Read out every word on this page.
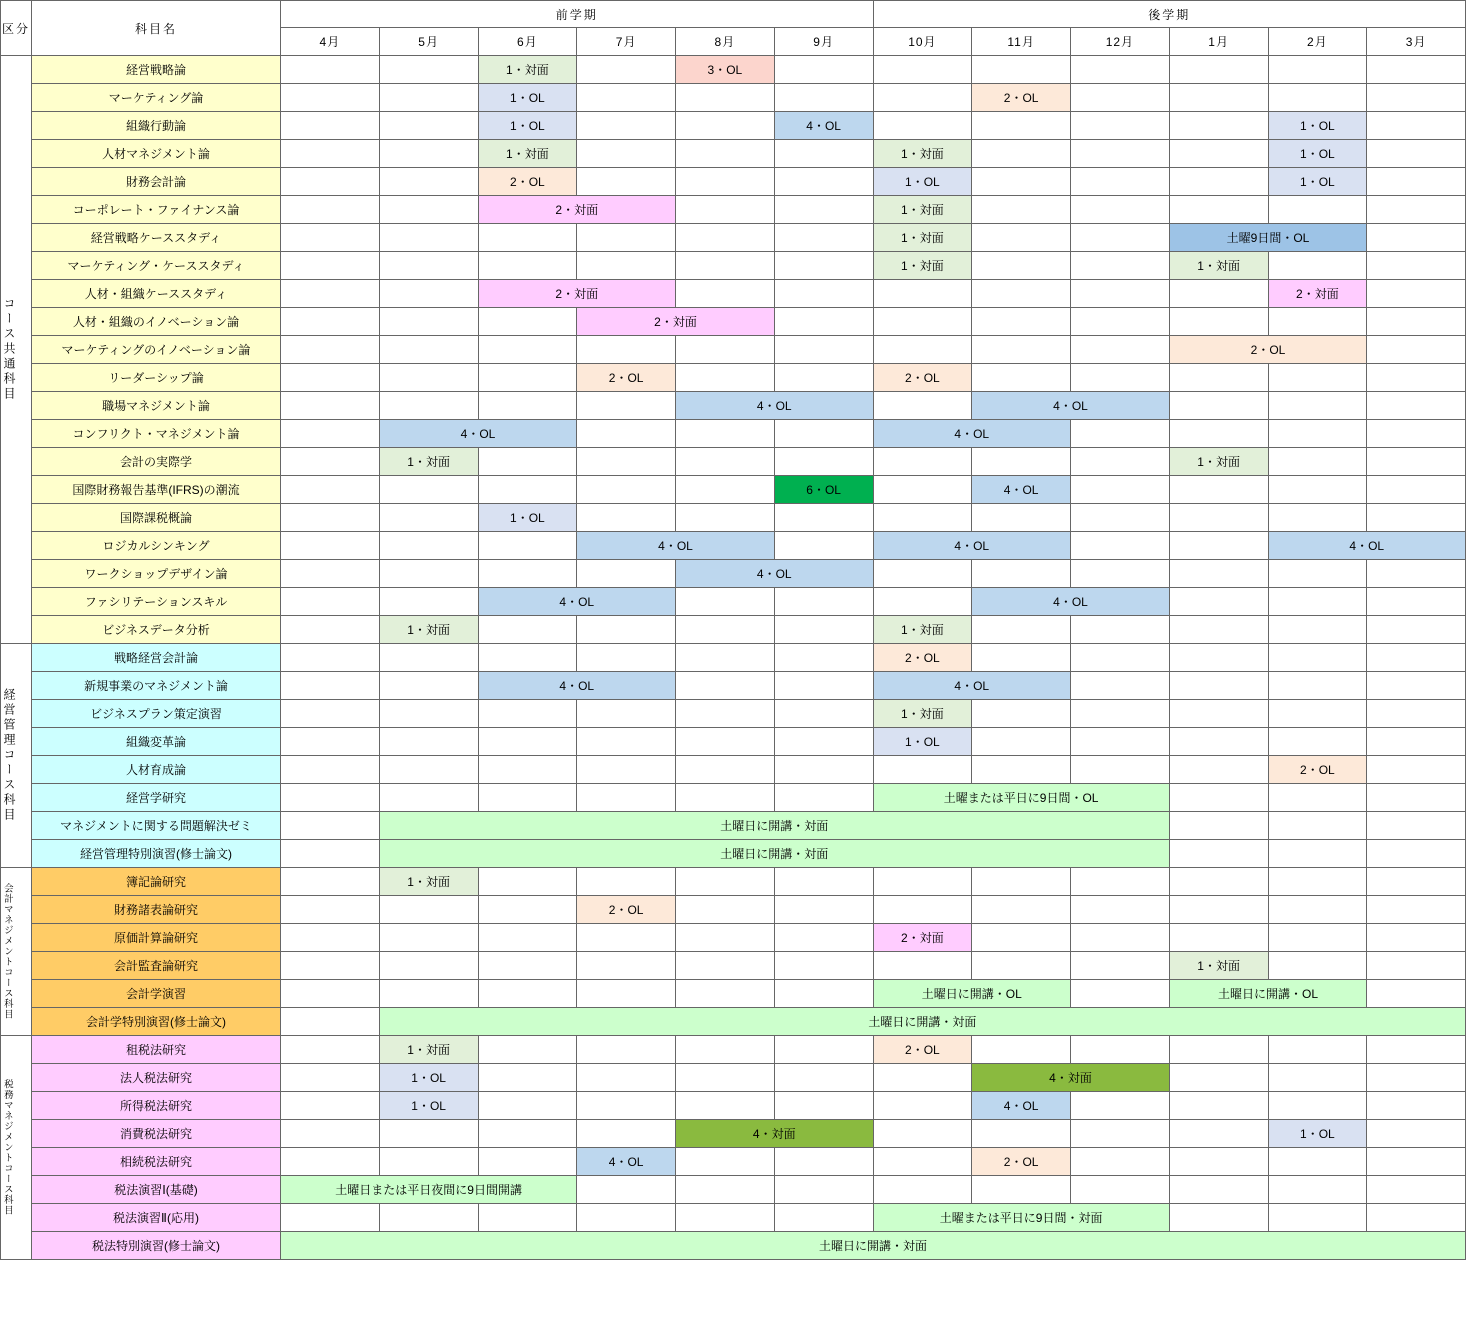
区分	科目名	前学期						後学期					
		4月	5月	6月	7月	8月	9月	10月	11月	12月	1月	2月	3月

コース共通科目	経営戦略論			1・対面		3・OL							
	マーケティング論			1・OL					2・OL				
	組織行動論			1・OL			4・OL					1・OL	
	人材マネジメント論			1・対面				1・対面				1・OL	
	財務会計論			2・OL				1・OL				1・OL	
	コーポレート・ファイナンス論			2・対面				1・対面					
	経営戦略ケーススタディ							1・対面			土曜9日間・OL		
	マーケティング・ケーススタディ							1・対面			1・対面		
	人材・組織ケーススタディ			2・対面								2・対面	
	人材・組織のイノベーション論				2・対面								
	マーケティングのイノベーション論										2・OL		
	リーダーシップ論				2・OL			2・OL					
	職場マネジメント論					4・OL			4・OL				
	コンフリクト・マネジメント論		4・OL					4・OL					
	会計の実際学		1・対面								1・対面		
	国際財務報告基準(IFRS)の潮流						6・OL		4・OL				
	国際課税概論			1・OL									
	ロジカルシンキング				4・OL			4・OL				4・OL	
	ワークショップデザイン論					4・OL							
	ファシリテーションスキル			4・OL					4・OL				
	ビジネスデータ分析		1・対面					1・対面					

経営管理コース科目	戦略経営会計論							2・OL					
	新規事業のマネジメント論			4・OL				4・OL					
	ビジネスプラン策定演習							1・対面					
	組織変革論							1・OL					
	人材育成論											2・OL	
	経営学研究							土曜または平日に9日間・OL					
	マネジメントに関する問題解決ゼミ		土曜日に開講・対面										
	経営管理特別演習(修士論文)		土曜日に開講・対面										

会計マネジメントコース科目	簿記論研究		1・対面										
	財務諸表論研究				2・OL								
	原価計算論研究							2・対面					
	会計監査論研究										1・対面		
	会計学演習							土曜日に開講・OL			土曜日に開講・OL		
	会計学特別演習(修士論文)		土曜日に開講・対面										

税務マネジメントコース科目	租税法研究		1・対面					2・OL					
	法人税法研究		1・OL						4・対面				
	所得税法研究		1・OL						4・OL				
	消費税法研究					4・対面						1・OL	
	相続税法研究				4・OL				2・OL				
	税法演習Ⅰ(基礎)	土曜日または平日夜間に9日間開講											
	税法演習Ⅱ(応用)							土曜または平日に9日間・対面					
	税法特別演習(修士論文)	土曜日に開講・対面											
